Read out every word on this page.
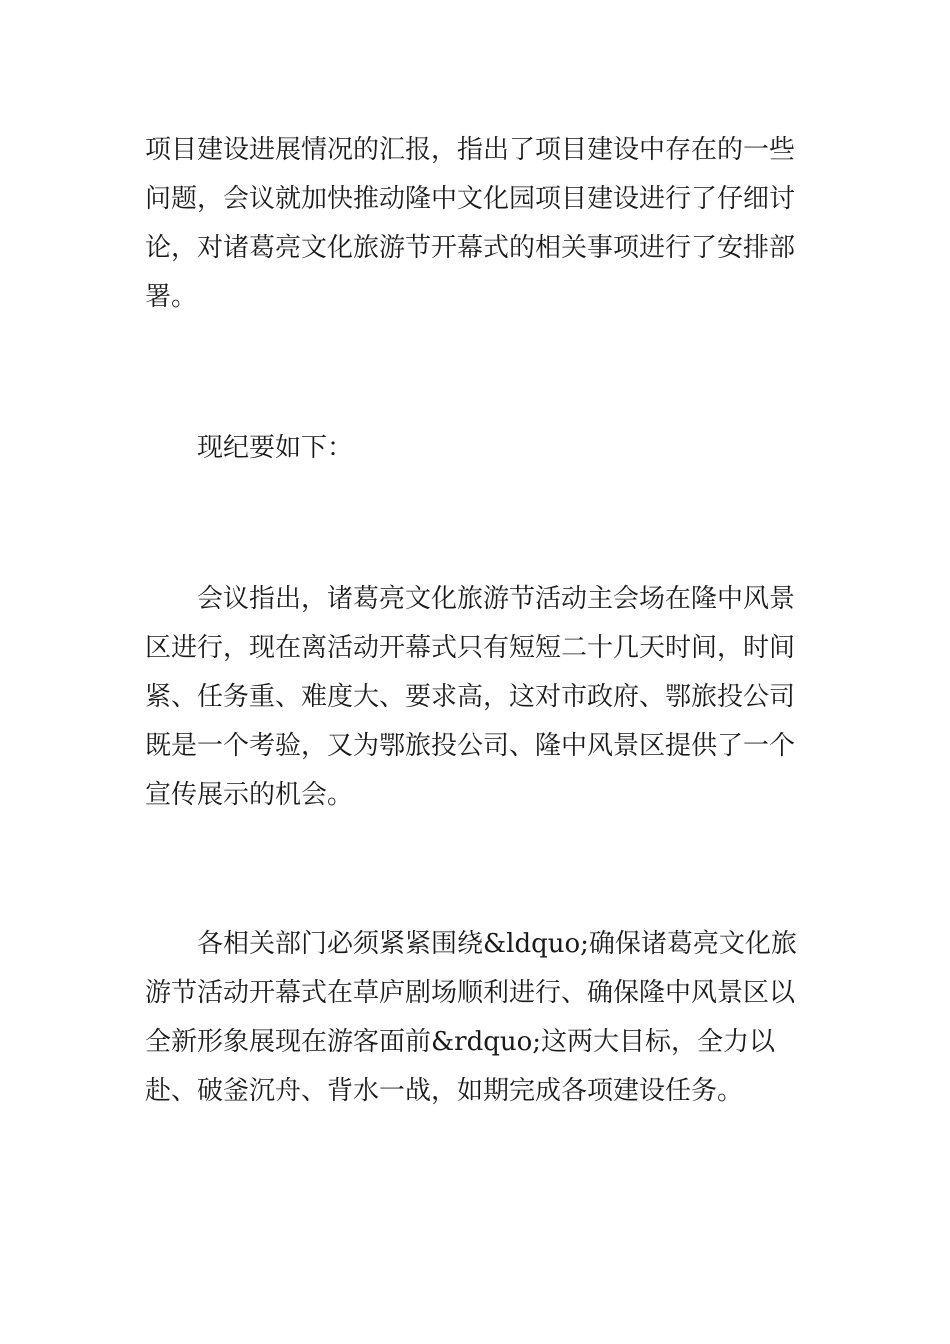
项目建设进展情况的汇报，指出了项目建设中存在的一些问题，会议就加快推动隆中文化园项目建设进行了仔细讨论，对诸葛亮文化旅游节开幕式的相关事项进行了安排部署。

现纪要如下：

会议指出，诸葛亮文化旅游节活动主会场在隆中风景区进行，现在离活动开幕式只有短短二十几天时间，时间紧、任务重、难度大、要求高，这对市政府、鄂旅投公司既是一个考验，又为鄂旅投公司、隆中风景区提供了一个宣传展示的机会。

各相关部门必须紧紧围绕&ldquo;确保诸葛亮文化旅游节活动开幕式在草庐剧场顺利进行、确保隆中风景区以全新形象展现在游客面前&rdquo;这两大目标，全力以赴、破釜沉舟、背水一战，如期完成各项建设任务。
